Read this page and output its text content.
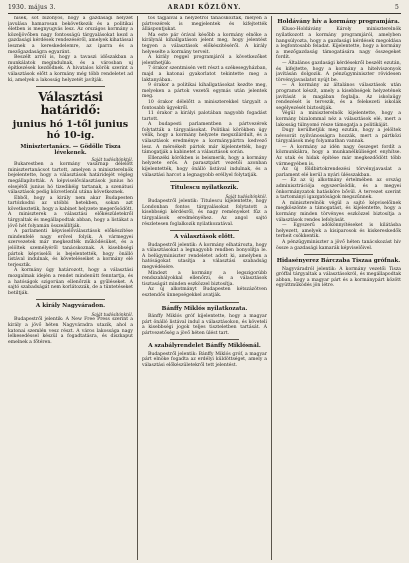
1930. május 3.	ARADI KÖZLÖNY.	5

hisek, sőt bizonyos, hogy a gazdasági helyzet javulása hamarosan bekövetkezik és a politikai életben is megnyugvás lesz. Az országos kormány a közeljövőben nagy fontosságú tárgyalásokat kezd a gazdasági kérdések rendezéséről, amelyek kihatással lesznek a kereskedelemre, az iparra és a mezőgazdaságra egyaránt.

Beszélt arról is, hogy a tavaszi időszakban a munkálatok megindulnak, és a városban uj építkezések kezdődnek. A hivatalos körök szerint a választások előtt a kormány még több rendeletet ad ki, amelyek a lakosság helyzetét javítják.

Választási határidő:

junius hó 1-től junius hó 10-ig.

Minisztertanács. — Gödölle Tisza lévekenek.

Saját tudósítónktól.

Bukarestben a kormány vasárnap délelőtt minisztertanácsot tartott, amelyen a miniszterelnök bejelentette, hogy a választások határidejét végleg megállapították. A képviselőválasztások junius hó elsejétől junius hó tizedikéig tartanak, a szenátusi választások pedig közvetlenül utána következnek.

Ebből, hogy a király nem akar Budapesten tartózkodni az utóbbi hetekben, sokan azt következtetik, hogy a kabinet helyzete megerősödött. A miniszterek a választási előkészületekről tárgyaltak és megállapodtak abban, hogy a listákat a jövő hét folyamán összeállítják.

A parlamenti képviselőválasztások előkészítése mindenfelé nagy erővel folyik. A vármegyei szervezetek már megkezdték működésüket, és a jelöltek személyéről tanácskoznak. A kisebbségi pártok képviselői is bejelentették, hogy önálló listával indulnak, és követeléseiket a kormány elé terjesztik.

A kormány úgy határozott, hogy a választási mozgalmak idején a rendet mindenütt fenntartja, és a hatóságok szigorúan ellenőrzik a gyűléseket. A sajtó szabadságát nem korlátozzák, de a tüntetéseket betiltják.

A király Nagyváradon.

Saját tudósítónktól.

Budapestről jelentik: A New Free Press szerint a király a jövő héten Nagyváradra utazik, ahol a katonai szemlén vesz részt. A város lakossága nagy lelkesedéssel készül a fogadtatásra, és díszkaput emelnek a főtéren.

tos tagjaival a helyzetről tanácskoztak, melyen a pártvezérek is megjelentek és kifejtették álláspontjukat.

Ma este pár órával később a kormány elnöke a királynál kihallgatáson jelent meg, hogy jelentést tegyen a választások előkészítéséről. A király helyeselte a kormány terveit.

A király reggel programjáról a következőket jelenthetjük:

7 órakor szentmisén vett részt a székesegyházban, majd a katonai gyakorlatot tekintette meg a laktanyában.

9 órakor a politikai kihallgatásokat kezdte meg, melyeken a pártok vezetői egymás után jelentek meg.

10 órakor délelőtt a miniszterekkel tárgyalt a fontosabb ügyekről.

11 órakor a királyi palotában nagyobb fogadást tartott.

A budapesti parlamentben a pártvezérek folytatták a tárgyalásokat. Politikai körökben úgy vélik, hogy a kormány helyzete megszilárdult, és a választások eredménye a kormánypártra kedvező lesz. A mérsékelt pártok már kijelentették, hogy támogatják a kabinetet a választások során.

Ellenzéki körökben is beismerik, hogy a kormány helyzete erős. A parasztpárt vezetői azonban kijelentették, hogy önálló listával indulnak, és a választási harcot a legnagyobb eréllyel folytatják.

Titulescu nyilatkozik.

Saját tudósítónktól.

Budapestről jelentik: Titulescu kijelentette, hogy Londonban fontos tárgyalásokat folytatott a kisebbségi kérdésről, és nagy reményeket fűz a tárgyalások eredményéhez. Az angol sajtó részletesen foglalkozik nyilatkozatával.

A választások előtt.

Budapestről jelentik: A kormány elhatározta, hogy a választásokat a legnagyobb rendben bonyolítja le. A belügyminiszter rendeletet adott ki, amelyben a hatóságokat utasítja a választási szabadság megvédésére.

Mindezt a kormány a legszigorúbb rendszabályokkal ellenőrzi, és a választások tisztaságát minden eszközzel biztosítja.

Az új alkotmányt Budapesten kétszázötven esztendős ünnepségekkel avatják.

Bánffy Miklós nyilatkozata.

Bánffy Miklós gróf kijelentette, hogy a magyar párt önálló listával indul a választásokon, és követeli a kisebbségi jogok teljes tiszteletben tartását. A pártvezetőség a jövő héten ülést tart.

A szabályrendelet Bánffy Miklósnál.

Budapestről jelentik: Bánffy Miklós gróf, a magyar párt elnöke fogadta az erdélyi küldöttséget, amely a választási előkészületekről tett jelentést.

Holdávány hív a kormány programjára.

Kluso-Holdávány Károly miniszterelnök nyilatkozott a kormány programjáról, amelyben hangsúlyozta, hogy a gazdasági kérdések megoldása a legfontosabb feladat. Kijelentette, hogy a kormány a mezőgazdaság támogatására nagy összegeket fordít.

— Általános gazdasági kérdésekről beszélt ezután, és kifejtette, hogy a kormány a hitelviszonyok javításán dolgozik. A pénzügyminiszter rövidesen törvényjavaslatot nyújt be.

— A kormány az általános választások után programot készít, amely a kisebbségek helyzetének javítását is magában foglalja. Az iskolaügy rendezését is tervezik, és a felekezeti iskolák segélyezését biztosítják.

Végül a miniszterelnök kijelentette, hogy a kormány bizalommal néz a választások elé, mert a lakosság túlnyomó része támogatja a politikáját.

Dugy kerülhetjük meg ezután, hogy a jelöltek névsorát nyilvánosságra hozzák, mert a pártközi tárgyalások még folyamatban vannak.

— A kormány az idén nagy összeget fordít a közmunkákra, hogy a munkanélküliséget enyhítse. Az utak és hidak építése már megkezdődött több vármegyében is.

Az új földbirtokrendezési törvényjavaslat a parlament elé kerül a nyári ülésszakban.

— Ez az új alkotmány értelmében az ország adminisztrációja egyszerűsödik, és a megyei önkormányzatok hatásköre bővül. A tervezet szerint a tartományi igazgatóságok megszűnnek.

A miniszterelnök végül a sajtó képviselőinek megköszönte a támogatást, és kijelentette, hogy a kormány minden törvényes eszközzel biztosítja a választások rendes lefolyását.

— Egyszerű adókönnyítéseket is kilátásba helyezett, amelyek a kisiparosok és kiskereskedők terheit csökkentik.

A pénzügyminiszter a jövő héten tanácskozást hív össze a gazdasági kamarák képviselőivel.

Hidasényerez Bárczaba Tiszaa grófnak.

Nagyváradról jelentik: A kormány vezetői Tisza gróffal tárgyaltak a választásokról, és megállapodtak abban, hogy a magyar párt és a kormánypárt között együttműködés jön létre.
